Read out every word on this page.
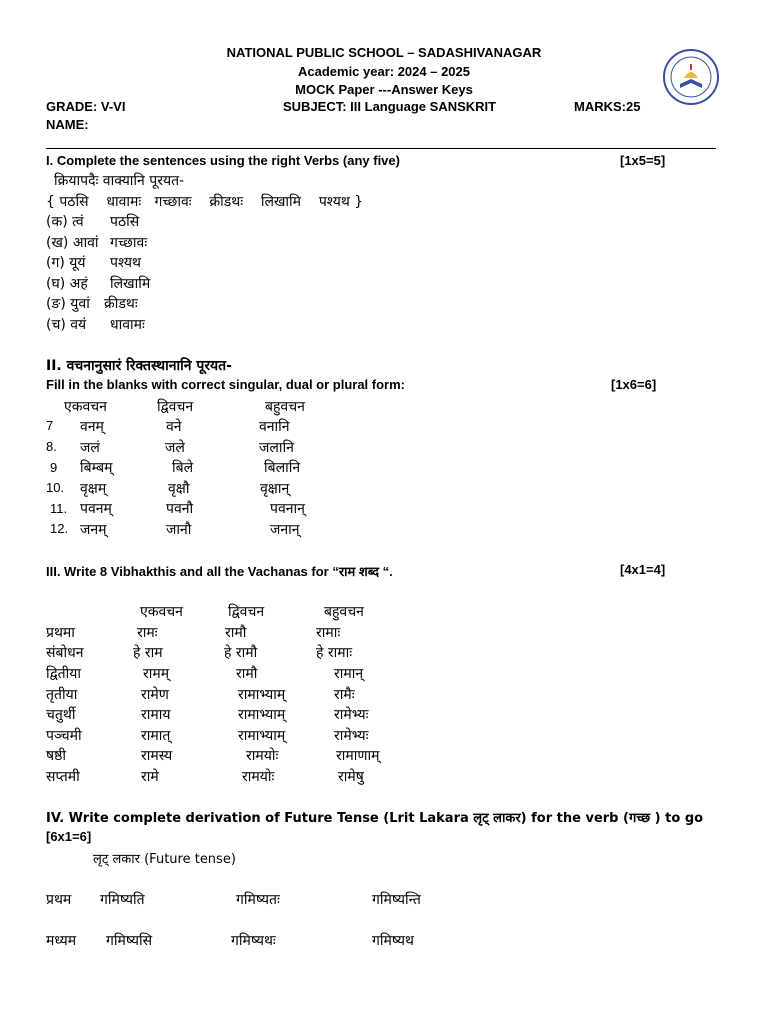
NATIONAL PUBLIC SCHOOL – SADASHIVANAGAR
Academic year: 2024 – 2025
MOCK Paper ---Answer Keys
GRADE: V-VI	SUBJECT: III Language SANSKRIT	MARKS:25
NAME:
I. Complete the sentences using the right Verbs (any five)	[1x5=5]
क्रियापदैः वाक्यानि पूरयत-
{ पठसि    धावामः   गच्छावः    क्रीडथः    लिखामि    पश्यथ }
(क) त्वं पठसि
(ख) आवां गच्छावः
(ग) यूयं पश्यथ
(घ) अहं लिखामि
(ङ) युवां क्रीडथः
(च) वयं धावामः
II. वचनानुसारं रिक्तस्थानानि पूरयत-
Fill in the blanks with correct singular, dual or plural form:	[1x6=6]
एकवचन	द्विवचन	बहुवचन
7 वनम्	वने	वनानि
8. जलं	जले	जलानि
9 बिम्बम्	बिले	बिलानि
10. वृक्षम्	वृक्षौ	वृक्षान्
11. पवनम्	पवनौ	पवनान्
12. जनम्	जानौ	जनान्
III. Write 8 Vibhakthis and all the Vachanas for “राम शब्द “.	[4x1=4]
एकवचन	द्विवचन	बहुवचन
प्रथमा	रामः	रामौ	रामाः
संबोधन	हे राम	हे रामौ	हे रामाः
द्वितीया	रामम्	रामौ	रामान्
तृतीया	रामेण	रामाभ्याम्	रामैः
चतुर्थी	रामाय	रामाभ्याम्	रामेभ्यः
पञ्चमी	रामात्	रामाभ्याम्	रामेभ्यः
षष्ठी	रामस्य	रामयोः	रामाणाम्
सप्तमी	रामे	रामयोः	रामेषु
IV. Write complete derivation of Future Tense (Lrit Lakara लृट् लाकर) for the verb (गच्छ ) to go
[6x1=6]
लृट् लकार (Future tense)
प्रथम गमिष्यति	गमिष्यतः	गमिष्यन्ति
मध्यम गमिष्यसि	गमिष्यथः	गमिष्यथ
